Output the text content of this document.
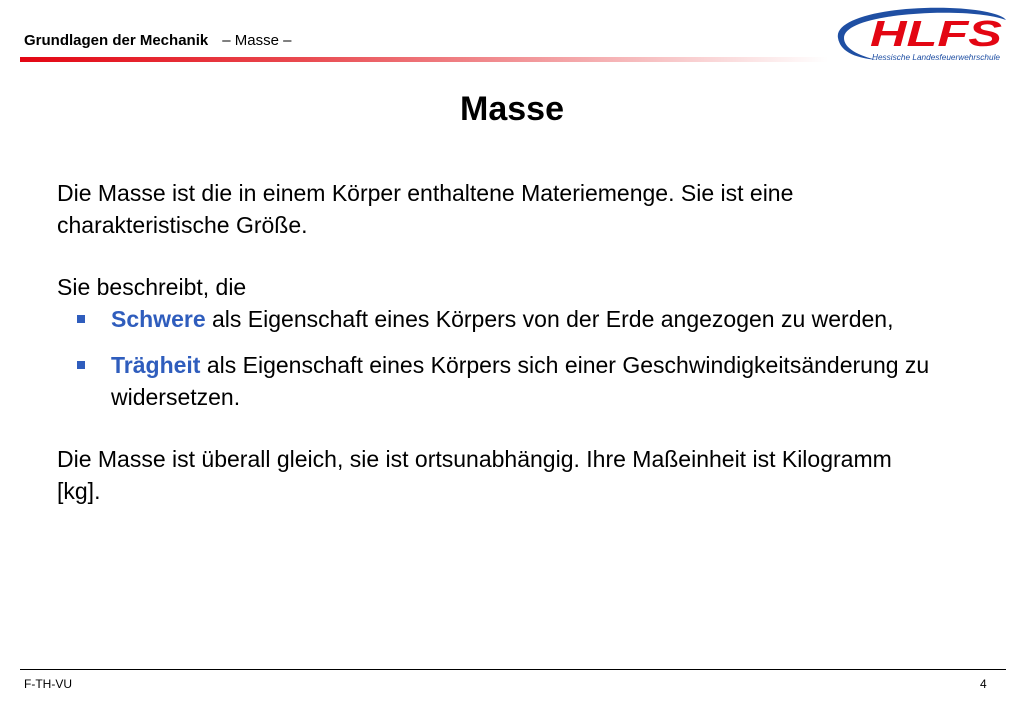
Grundlagen der Mechanik – Masse –	HLFS
Hessische Landesfeuerwehrschule
Masse

Die Masse ist die in einem Körper enthaltene Materiemenge. Sie ist eine charakteristische Größe.

Sie beschreibt, die

Schwere als Eigenschaft eines Körpers von der Erde angezogen zu werden,
Trägheit als Eigenschaft eines Körpers sich einer Geschwindigkeitsänderung zu widersetzen.

Die Masse ist überall gleich, sie ist ortsunabhängig. Ihre Maßeinheit ist Kilogramm [kg].

F-TH-VU	4
